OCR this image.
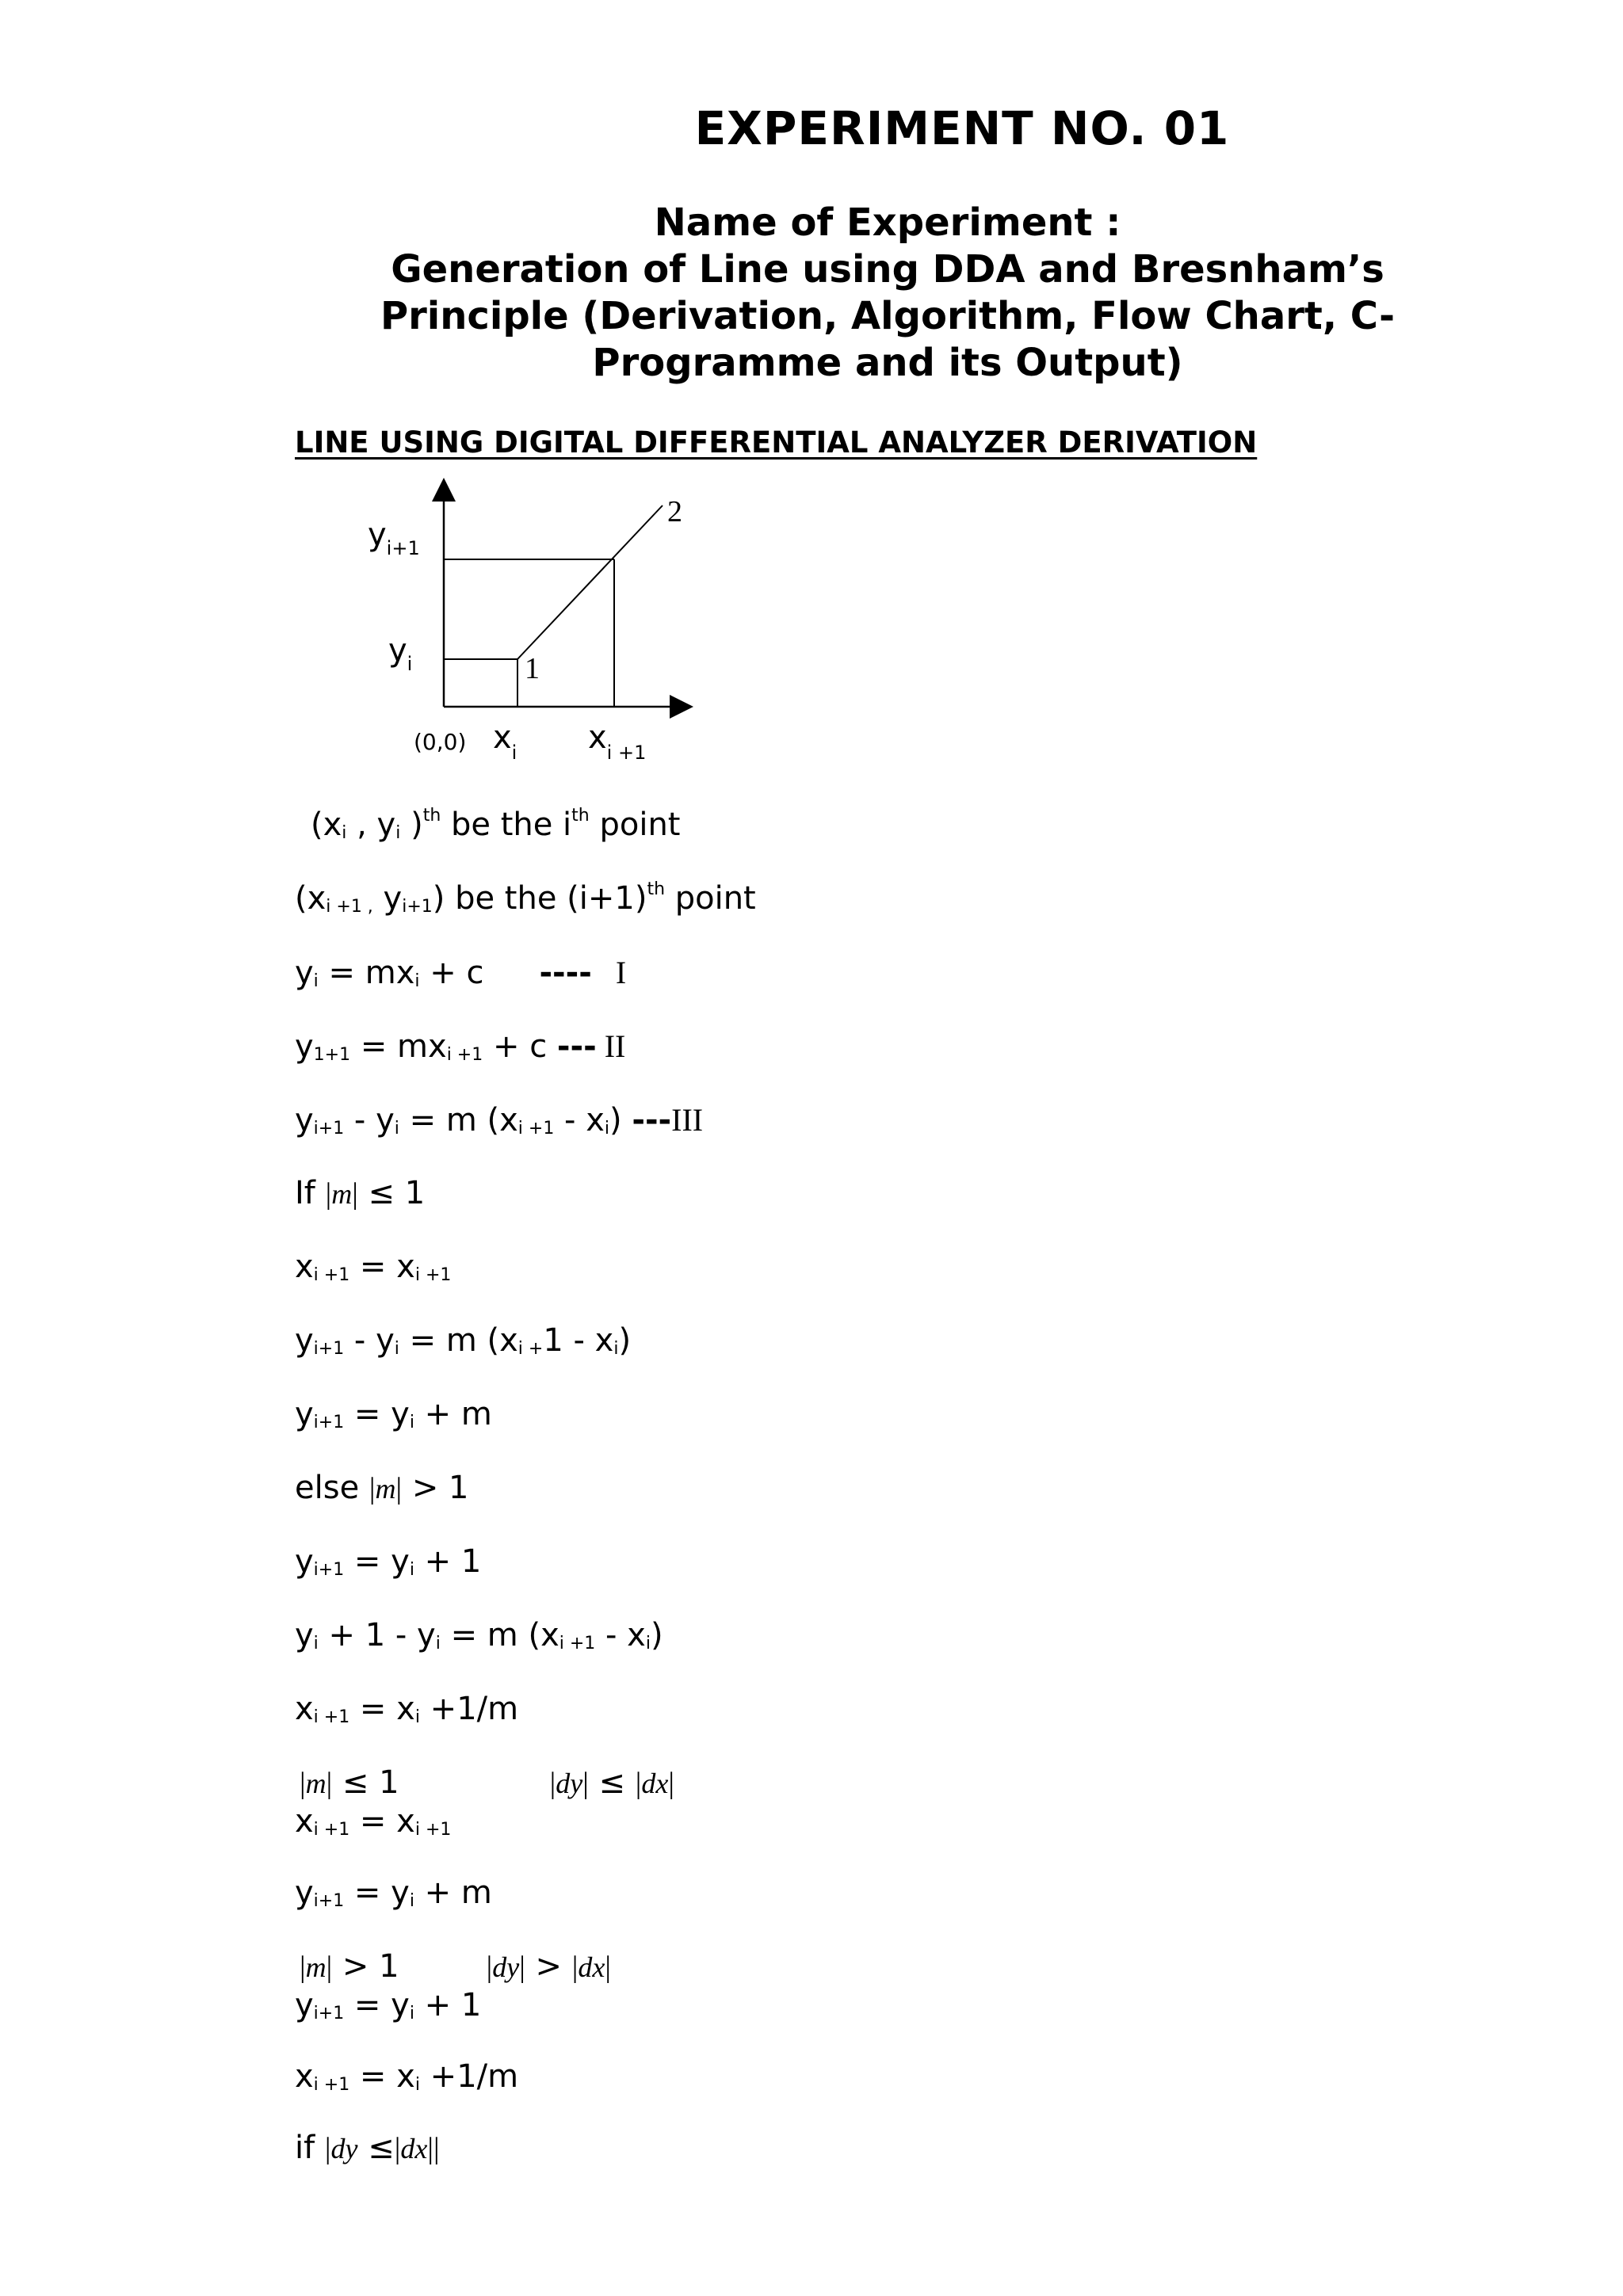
EXPERIMENT NO. 01
Name of Experiment :
Generation of Line using DDA and Bresnham’s
Principle (Derivation, Algorithm, Flow Chart, C-
Programme and its Output)
LINE USING DIGITAL DIFFERENTIAL ANALYZER DERIVATION
$y_{i+1}$
$y_i$
(0,0) $x_i$ $x_{i +1}$
1
2
($x_i$ , $y_i$ )$^{th}$ be the $i^{th}$ point
($x_{i +1 ,}$ $y_{i+1}$) be the $(i+1)^{th}$ point
$y_i = mx_i + c$ ---- I
$y_{1+1} = mx_{i +1} + c$ --- II
$y_{i+1} - y_i = m$ $(x_{i +1} - x_i)$ ---III
If |m| ≤ 1
$x_{i +1} = x_{i +1}$
$y_{i+1} - y_i = m$ $(x_{i +}1 - x_i)$
$y_{i+1} = y_i + m$
else |m| > 1
$y_{i+1} = y_i + 1$
$y_i + 1 - y_i = m$ $(x_{i +1} - x_i)$
$x_{i +1} = x_i +1/m$
|m| ≤ 1	|dy| ≤ |dx|
$x_{i +1} = x_{i +1}$
$y_{i+1} = y_i + m$
|m| > 1	|dy| > |dx|
$y_{i+1} = y_i + 1$
$x_{i +1} = x_i +1/m$
if |dy ≤|dx||
